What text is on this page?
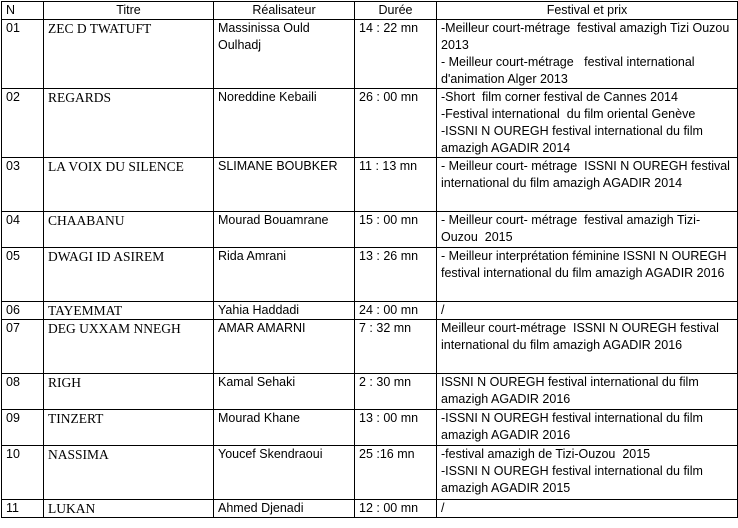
N	Titre	Réalisateur	Durée	Festival et prix
01	ZEC D TWATUFT	Massinissa Ould Oulhadj	14 : 22 mn	-Meilleur court-métrage  festival amazigh Tizi Ouzou  2013
- Meilleur court-métrage   festival international d'animation Alger 2013

02	REGARDS	Noreddine Kebaili	26 : 00 mn	-Short  film corner festival de Cannes 2014
-Festival international  du film oriental Genève
-ISSNI N OUREGH festival international du film amazigh AGADIR 2014

03	LA VOIX DU SILENCE	SLIMANE BOUBKER	11 : 13 mn	- Meilleur court- métrage  ISSNI N OUREGH festival international du film amazigh AGADIR 2014

04	CHAABANU	Mourad Bouamrane	15 : 00 mn	- Meilleur court- métrage  festival amazigh Tizi-Ouzou  2015

05	DWAGI ID ASIREM	Rida Amrani	13 : 26 mn	- Meilleur interprétation féminine ISSNI N OUREGH festival international du film amazigh AGADIR 2016

06	TAYEMMAT	Yahia Haddadi	24 : 00 mn	/

07	DEG UXXAM NNEGH	AMAR AMARNI	7 : 32 mn	Meilleur court-métrage  ISSNI N OUREGH festival international du film amazigh AGADIR 2016

08	RIGH	Kamal Sehaki	2 : 30 mn	ISSNI N OUREGH festival international du film amazigh AGADIR 2016

09	TINZERT	Mourad Khane	13 : 00 mn	-ISSNI N OUREGH festival international du film amazigh AGADIR 2016

10	NASSIMA	Youcef Skendraoui	25 :16 mn	-festival amazigh de Tizi-Ouzou  2015
-ISSNI N OUREGH festival international du film amazigh AGADIR 2015

11	LUKAN	Ahmed Djenadi	12 : 00 mn	/
